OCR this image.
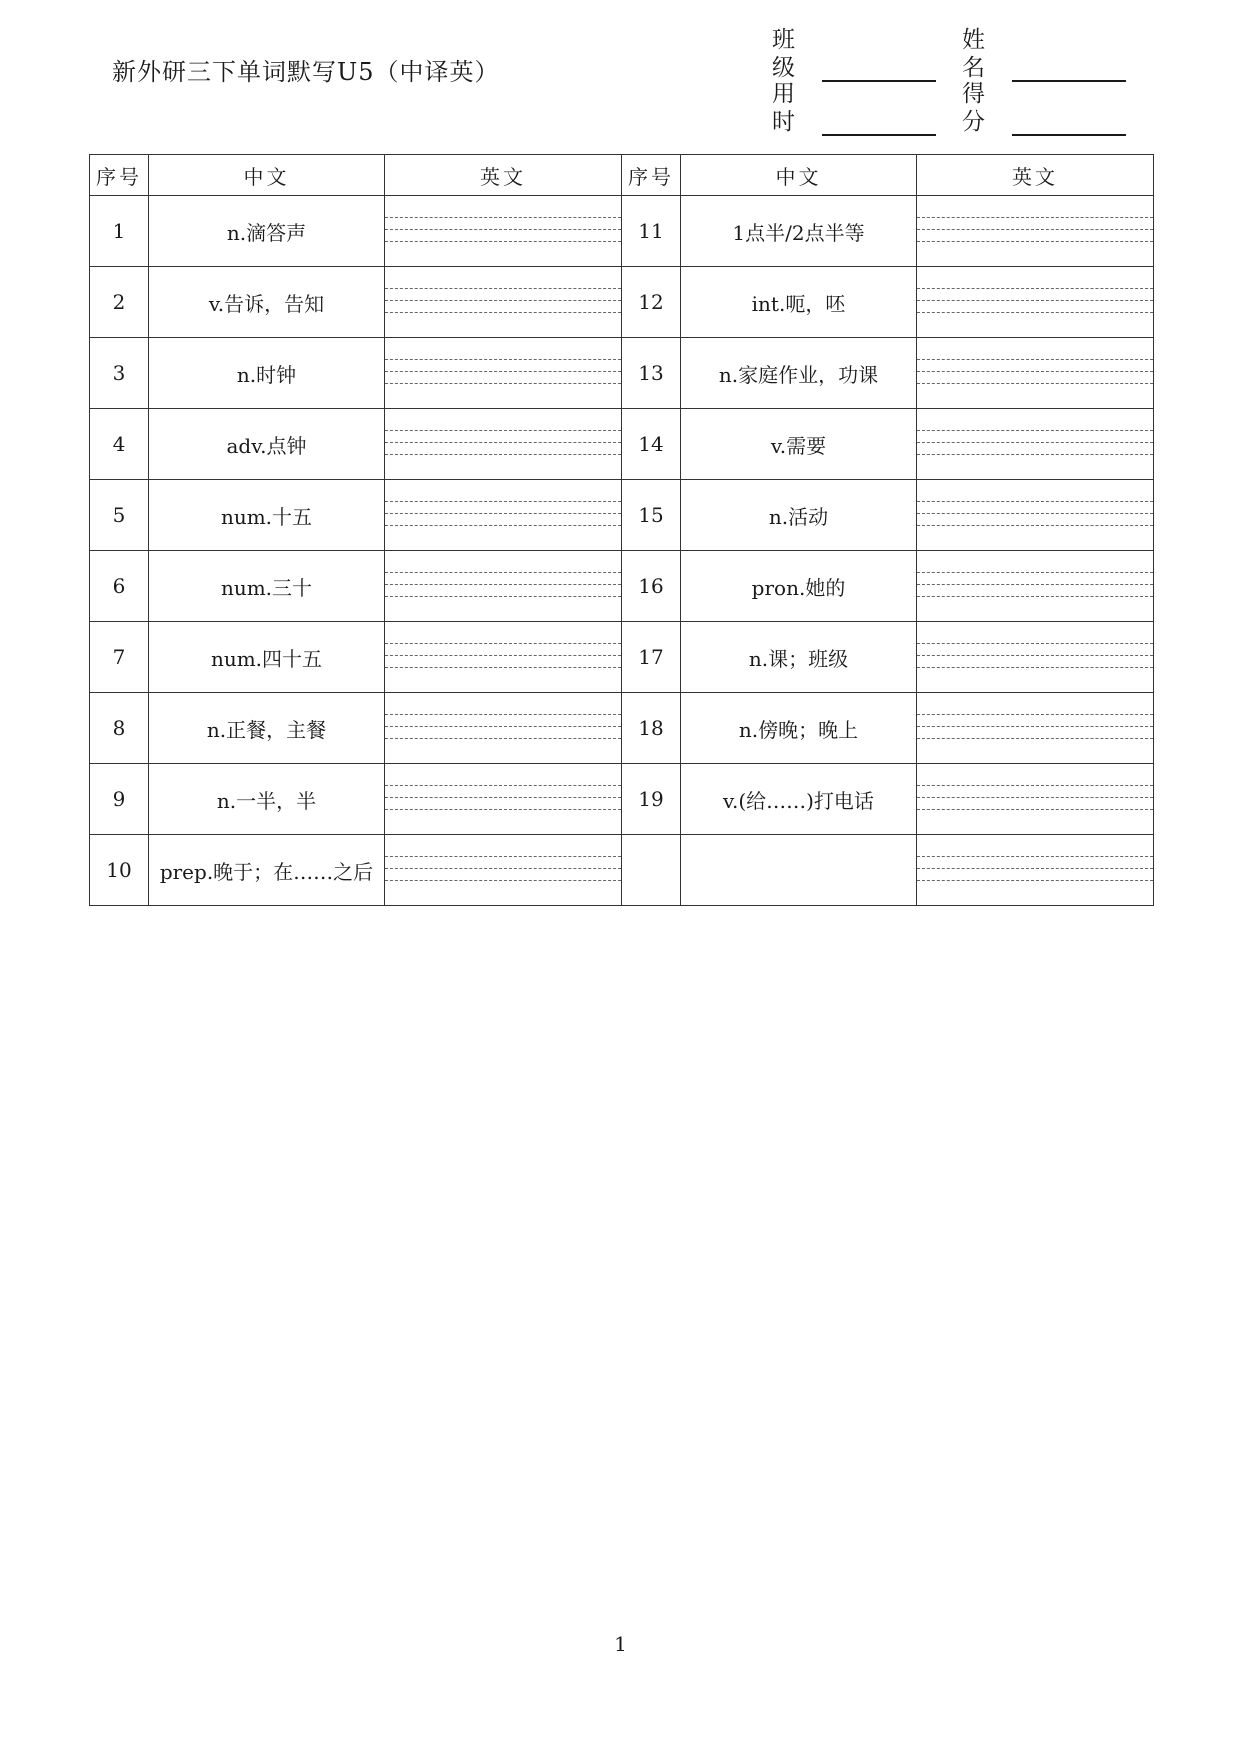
新外研三下单词默写U5（中译英）
班级
姓名
用时
得分
序号	中文	英文	序号	中文	英文
1	n.滴答声		11	1点半/2点半等	

2	v.告诉，告知		12	int.呃，呸	

3	n.时钟		13	n.家庭作业，功课	

4	adv.点钟		14	v.需要	

5	num.十五		15	n.活动	

6	num.三十		16	pron.她的	

7	num.四十五		17	n.课；班级	

8	n.正餐，主餐		18	n.傍晚；晚上	

9	n.一半，半		19	v.(给……)打电话	

10	prep.晚于；在……之后	

1
